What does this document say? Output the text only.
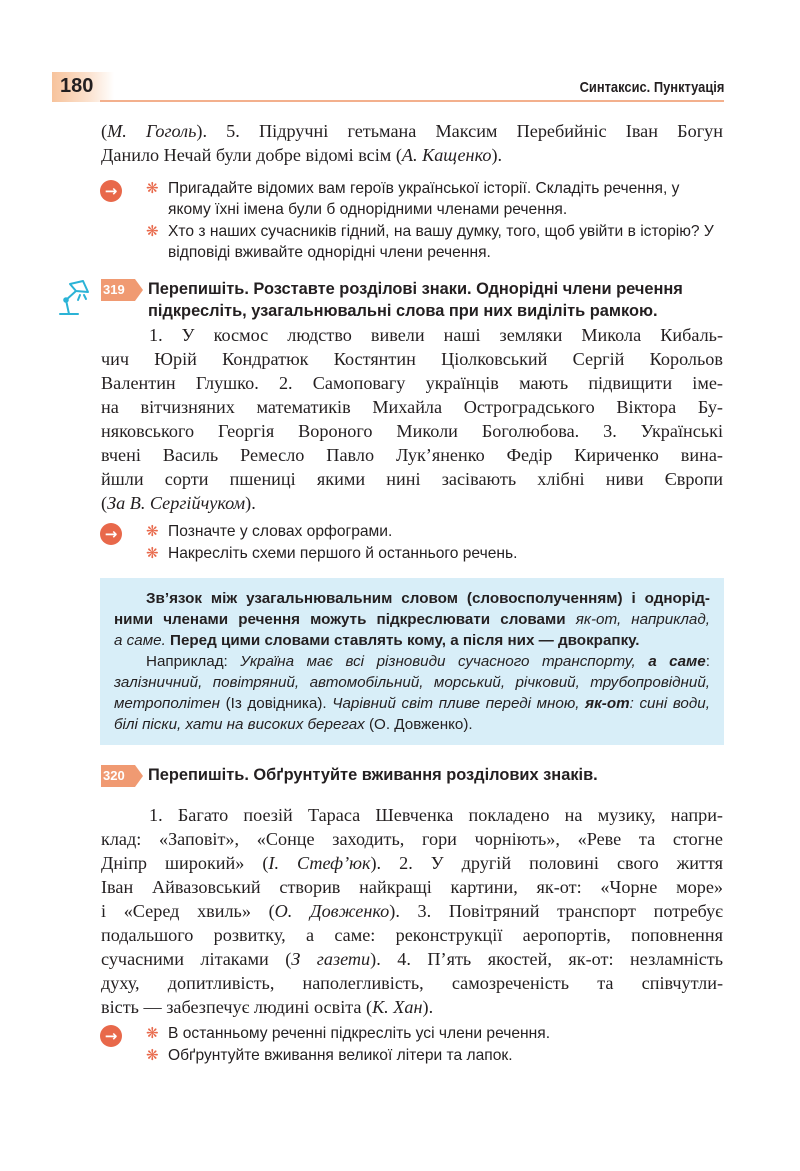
180	Синтаксис. Пунктуація
(М. Гоголь). 5. Підручні гетьмана Максим Перебийніс Іван Богун
Данило Нечай були добре відомі всім (А. Кащенко).
→	❋ Пригадайте відомих вам героїв української історії. Складіть речення, у якому їхні імена були б однорідними членами речення.
❋ Хто з наших сучасників гідний, на вашу думку, того, щоб увійти в історію? У відповіді вживайте однорідні члени речення.
319	Перепишіть. Розставте розділові знаки. Однорідні члени речення підкресліть, узагальнювальні слова при них виділіть рамкою.
1. У космос людство вивели наші земляки Микола Кибаль-
чич Юрій Кондратюк Костянтин Ціолковський Сергій Корольов
Валентин Глушко. 2. Самоповагу українців мають підвищити іме-
на вітчизняних математиків Михайла Остроградського Віктора Бу-
няковського Георгія Вороного Миколи Боголюбова. 3. Українські
вчені Василь Ремесло Павло Лук’яненко Федір Кириченко вина-
йшли сорти пшениці якими нині засівають хлібні ниви Європи
(За В. Сергійчуком).
→	❋ Позначте у словах орфограми.
❋ Накресліть схеми першого й останнього речень.
Зв’язок між узагальнювальним словом (словосполученням) і однорід-
ними членами речення можуть підкреслювати словами як-от, наприклад,
а саме. Перед цими словами ставлять кому, а після них — двокрапку.
Наприклад: Україна має всі різновиди сучасного транспорту, а саме:
залізничний, повітряний, автомобільний, морський, річковий, трубопровідний,
метрополітен (Із довідника). Чарівний світ пливе переді мною, як-от: сині води,
білі піски, хати на високих берегах (О. Довженко).
320	Перепишіть. Обґрунтуйте вживання розділових знаків.
1. Багато поезій Тараса Шевченка покладено на музику, напри-
клад: «Заповіт», «Сонце заходить, гори чорніють», «Реве та стогне
Дніпр широкий» (І. Стеф’юк). 2. У другій половині свого життя
Іван Айвазовський створив найкращі картини, як-от: «Чорне море»
і «Серед хвиль» (О. Довженко). 3. Повітряний транспорт потребує
подальшого розвитку, а саме: реконструкції аеропортів, поповнення
сучасними літаками (З газети). 4. П’ять якостей, як-от: незламність
духу, допитливість, наполегливість, самозреченість та співчутли-
вість — забезпечує людині освіта (К. Хан).
→	❋ В останньому реченні підкресліть усі члени речення.
❋ Обґрунтуйте вживання великої літери та лапок.
